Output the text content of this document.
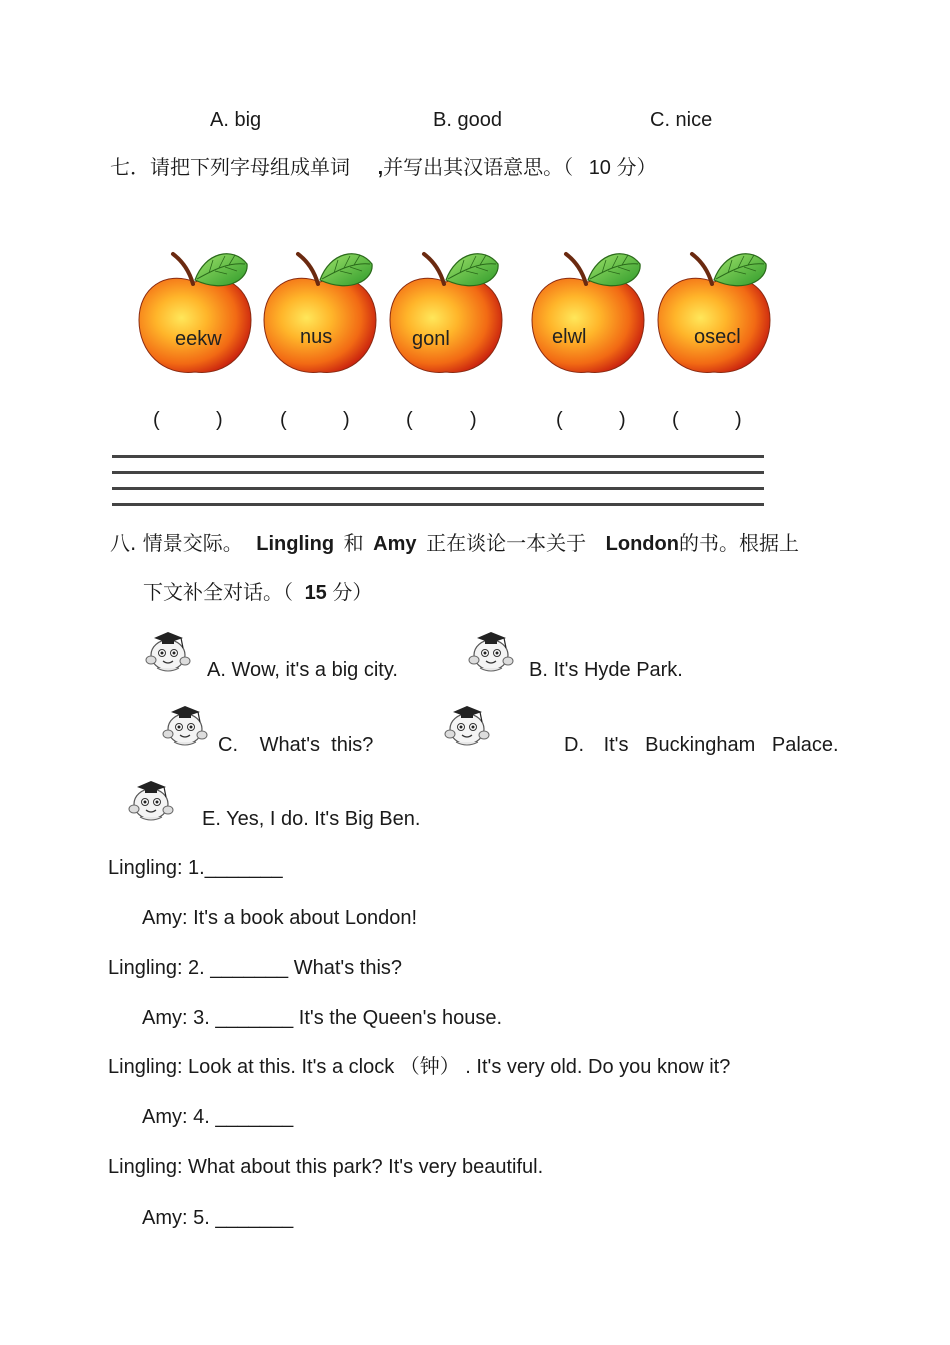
A. big	B. good	C. nice
七．请把下列字母组成单词 ,并写出其汉语意思。（ 10 分）
eekw	nus	gonl	elwl	osecl
(	)	(	)	(	)	(	) (	)
八. 情景交际。 Lingling 和 Amy 正在谈论一本关于 London的书。根据上
下文补全对话。（ 15 分）
A. Wow, it's a big city.	B. It's Hyde Park.
C. What's  this?	D. It's   Buckingham   Palace.
E. Yes, I do. It's Big Ben.
Lingling: 1._______
Amy: It's a book about London!
Lingling: 2. _______ What's this?
Amy: 3. _______ It's the Queen's house.
Lingling: Look at this. It's a clock （钟） . It's very old. Do you know it?
Amy: 4. _______
Lingling: What about this park? It's very beautiful.
Amy: 5. _______
